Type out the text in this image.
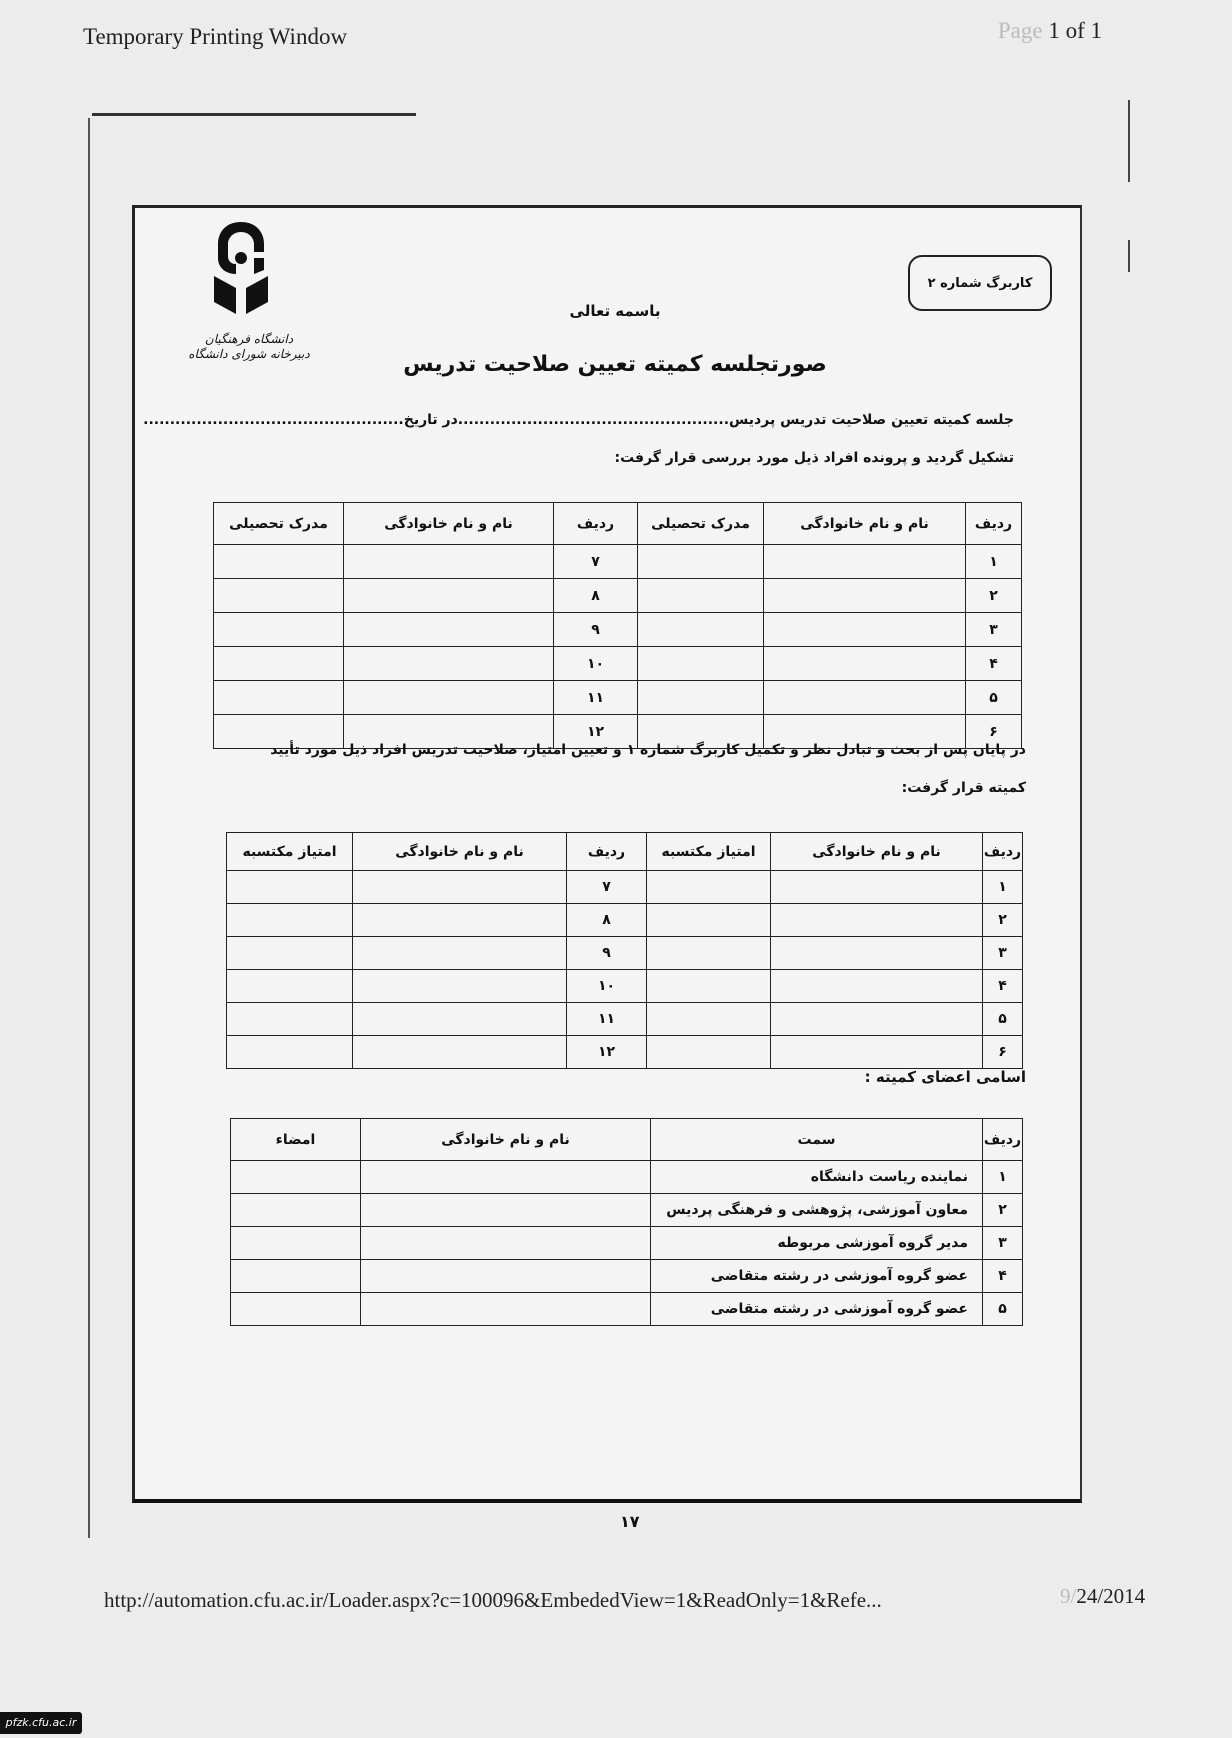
Temporary Printing Window	Page 1 of 1
دانشگاه فرهنگیان دبیرخانه شورای دانشگاه
کاربرگ شماره ۲
باسمه تعالی
صورتجلسه کمیته تعیین صلاحیت تدریس
جلسه کمیته تعیین صلاحیت تدریس پردیس...................................................در تاریخ.................................................
تشکیل گردید و پرونده افراد ذیل مورد بررسی قرار گرفت:
ردیف	نام و نام خانوادگی	مدرک تحصیلی	ردیف	نام و نام خانوادگی	مدرک تحصیلی
۱			۷		
۲			۸		
۳			۹		
۴			۱۰		
۵			۱۱		
۶			۱۲		
در پایان پس از بحث و تبادل نظر و تکمیل کاربرگ شماره ۱ و تعیین امتیاز، صلاحیت تدریس افراد ذیل مورد تأیید
کمیته قرار گرفت:
ردیف	نام و نام خانوادگی	امتیاز مکتسبه	ردیف	نام و نام خانوادگی	امتیاز مکتسبه
۱			۷		
۲			۸		
۳			۹		
۴			۱۰		
۵			۱۱		
۶			۱۲		
اسامی اعضای کمیته :
ردیف	سمت	نام و نام خانوادگی	امضاء
۱	نماینده ریاست دانشگاه		
۲	معاون آموزشی، پژوهشی و فرهنگی پردیس		
۳	مدیر گروه آموزشی مربوطه		
۴	عضو گروه آموزشی در رشته متقاضی		
۵	عضو گروه آموزشی در رشته متقاضی		
۱۷
http://automation.cfu.ac.ir/Loader.aspx?c=100096&EmbededView=1&ReadOnly=1&Refe...	9/24/2014
pfzk.cfu.ac.ir
